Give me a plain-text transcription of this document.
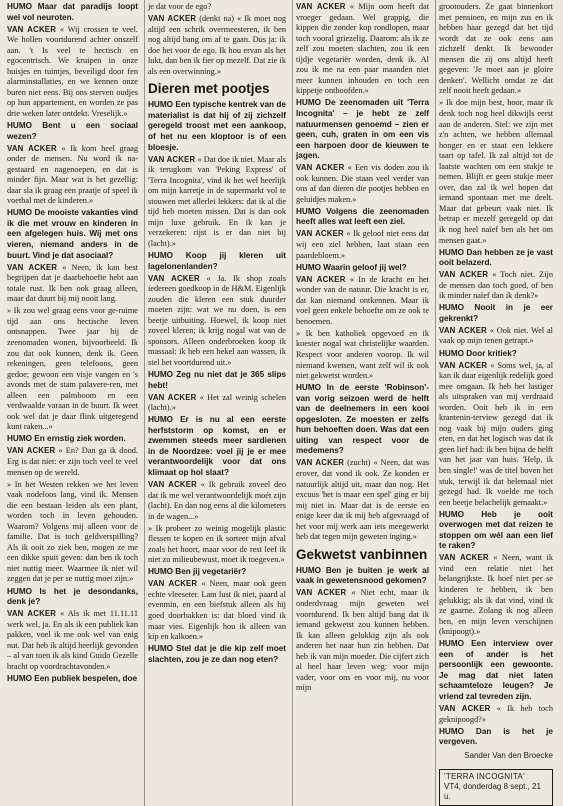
HUMO Maar dat paradijs loopt wel vol neuroten.

VAN ACKER « Wij crossen te veel. We hollen voortdurend achter onszelf aan. 't Is veel te hectisch en egocentrisch. We kruipen in onze huisjes en tuintjes, beveiligd door fen alarminstallaties, en we kennen onze buren niet eens. Bij ons sterven oudjes op hun appartement, en worden ze pas drie weken later ontdekt. Vreselijk.»

HUMO Bent u een sociaal wezen?

VAN ACKER « Ik kom heel graag onder de mensen. Nu word ik na-gestaard en nagenoepen, en dat is minder fijn. Maar wat is het gezellig: daar sla ik graag een praatje of speel ik voetbal met de kinderen.»

HUMO De mooiste vakanties vind ik die met vrouw en kinderen in een afgelegen huis. Wij met ons vieren, niemand anders in de buurt. Vind je dat asociaal?

VAN ACKER « Neen, ik kan best begrijpen dat je daarbehoefte hebt aan totale rust. Ik ben ook graag alleen, maar dat duurt bij mij nooit lang.

» Ik zou wel graag eens voor ge-ruime tijd aan ons hectische leven ontsnappen. Twee jaar bij de zeenomaden wonen, bijvoorbeeld. Ik zou dat ook kunnen, denk ik. Geen rekeningen, geen telefoons, geen gedoe; gewoon een visje vangen en 's avonds met de stam palavere-ren, met alleen een palmboom en een verdwaalde varaan in de buurt. Ik weet ook wel dat je daar flink uitgeregend kunt raken...»

HUMO En ernstig ziek worden.

VAN ACKER « En? Dan ga ik dood. Erg is dat niet: er zijn toch veel te veel mensen op de wereld.

» In het Westen rekken we het leven vaak nodeloos lang, vind ik. Mensen die een bestaan leiden als een plant, worden toch in leven gehouden. Waarom? Volgens mij alleen voor de familie. Dat is toch geldverspilling? Als ik ooit zo ziek ben, mogen ze me een dikke spuit geven: dan ben ik toch niet nuttig meer. Waarmee ik niet wil zeggen dat je per se nuttig moet zijn.»

HUMO Is het je desondanks, denk je?

VAN ACKER « Als ik met 11.11.11 werk wel, ja. En als ik een publiek kan pakken, voel ik me ook wel van enig nut. Dat heb ik altijd heerlijk gevonden – al van toen ik als kind Guido Gezelle bracht op voordrachtavonden.»

HUMO Een publiek bespelen, doe

je dat voor de ego?

VAN ACKER (denkt na) « Ik moet nog altijd een schrik overmeesteren, ik ben nog altijd bang om af te gaan. Dus ja: ik doe het voor de ego. Ik hou ervan als het lukt, dan ben ik fier op mezelf. Dat zie ik als een overwinning.»

Dieren met pootjes

HUMO Een typische kentrek van de materialist is dat hij of zij zichzelf geregeld troost met een aankoop, of het nu een kloptoor is of een bloesje.

VAN ACKER « Dat doe ik niet. Maar als ik terugkom van 'Peking Express' of 'Terra Incognita', vind ik het wel heerlijk om mijn karretje in de supermarkt vol te stouwen met allerlei lekkers: dat ik al die tijd heb moeten missen. Dat is dan ook mijn luxe gebruik. En ik kan je verzekeren: rijst is er dan niet bij (lacht).»

HUMO Koop jij kleren uit lagelonenlanden?

VAN ACKER « Ja. Ik shop zoals iedereen goedkoop in de H&M. Eigenlijk zouden die kleren een stuk duurder moeten zijn: wat we nu doen, is een beetje uitbuiting. Hoewel, ik koop niet zoveel kleren; ik krijg nogal wat van de sponsors. Alleen onderbroeken koop ik massaal: ik heb een hekel aan wassen, ik stel het voortdurend uit.»

HUMO Zeg nu niet dat je 365 slips hebt!

VAN ACKER « Het zal weinig schelen (lacht).»

HUMO Er is nu al een eerste herfststorm op komst, en er zwemmen steeds meer sardienen in de Noordzee: voel jij je er mee verantwoordelijk voor dat ons klimaat op hol slaat?

VAN ACKER « Ik gebruik zoveel deo dat ik me wel verantwoordelijk moét zijn (lacht). En dan nog eens al die kilometers in de wagen...»

» Ik probeer zo weinig mogelijk plastic flessen te kopen en ik sorteer mijn afval zoals het hoort, maar voor de rest leef ik niet zo milieubewust, moet ik toegeven.»

HUMO Ben jij vegetariër?

VAN ACKER « Neen, maar ook geen echte vleeseter. Lam lust ik niet, paard al evenmin, en een biefstuk alleen als hij goed doorbakken is: dat bloed vind ik maar vies. Eigenlijk hou ik alleen van kip en kalkoen.»

HUMO Stel dat je die kip zelf moet slachten, zou je ze dan nog eten?

VAN ACKER « Mijn oom heeft dat vroeger gedaan. Wel grappig, die kippen die zonder kop rondlopen, maar toch vooral griezelig. Daarom: als ik ze zelf zou moeten slachten, zou ik een tijdje vegetariër worden, denk ik. Al zou ik me na een paar maanden niet meer kunnen inhouden en toch een kippetje onthoofden.»

HUMO De zeenomaden uit 'Terra Incognita' – je hebt ze zelf natuurmensen genoemd – zien er geen, cuh, graten in om een vis een harpoen door de kieuwen te jagen.

VAN ACKER « Een vis doden zou ik ook kunnen. Die staan veel verder van ons af dan dieren die pootjes hebben en geluidjes maken.»

HUMO Volgens die zeenomaden heeft alles wat leeft een ziel.

VAN ACKER « Ik geloof niet eens dat wij een ziel hebben, laat staan een paardebloem.»

HUMO Waarin geloof jij wel?

VAN ACKER « In de kracht en het wonder van de natuur. Die kracht is er, dat kan niemand ontkennen. Maar ik voel geen enkele behoefte om ze ook te benoemen.

» Ik ben katholiek opgevoed en ik koester nogal wat christelijke waarden. Respect voor anderen voorop. Ik wil niemand kwetsen, want zelf wil ik ook niet gekwetst worden.»

HUMO In de eerste 'Robinson'-van vorig seizoen werd de helft van de deelnemers in een kooi opgesloten. Ze moesten er zelfs hun behoeften doen. Was dat een uiting van respect voor de medemens?

VAN ACKER (zucht) « Neen, dat was erover, dat vond ik ook. Ze konden er natuurlijk altijd uit, maar dan nog. Het excuus 'het is maar een spel' ging er bij mij niet in. Maar dat is de eerste en enige keer dat ik mij heb afgevraagd of het voor mij werk aan iets meegewerkt heb dat tegen mijn geweten inging.»

Gekwetst vanbinnen

HUMO Ben je buiten je werk al vaak in gewetensnood gekomen?

VAN ACKER « Niet echt, maar ik onderdvraag mijn geweten wel voortdurend. Ik ben altijd bang dat ik iemand gekwetst zou kunnen hebben. Ik kan alleen gelukkig zijn als ook anderen het naar hun zin hebben. Dat heb ik van mijn moeder. Die cijfert zich al heel haar leven weg: voor mijn vader, voor ons en voor mij, nu voor mijn

grootouders. Ze gaat binnenkort met pensioen, en mijn zus en ik hebben haar gezegd dat het tijd wordt dat ze ook eens aan zichzelf denkt. Ik bewonder mensen die zij ons altijd heeft gegeven: 'Je moet aan je gloire denken'. Wellicht omdat ze dat zelf nooit heeft gedaan.»

» Ik doe mijn best, hoor, maar ik denk toch nog heel dikwijls eerst aan de anderen. Stel: we zijn met z'n achten, we hebben allemaal honger en er staat een lekkere taart op tafel. Ik zal altijd tot de laatste wachten om een stukje te nemen. Blijft er geen stukje meer over, dan zal ik wel hopen dat iemand spontaan met me deelt. Maar dat gebeurt vaak niet. Ik betrap er mezelf geregeld op dat ik nog heel naïef ben als het om mensen gaat.»

HUMO Dan hebben ze je vast ooit belazerd.

VAN ACKER « Toch niet. Zijn de mensen dan toch goed, of ben ik minder naïef dan ik denk?»

HUMO Nooit in je eer gekrenkt?

VAN ACKER « Ook niet. Wel al vaak op mijn tenen getrapt.»

HUMO Door kritiek?

VAN ACKER « Soms wel, ja, al kan ik daar eigenlijk redelijk goed mee omgaan. Ik heb het lastiger als uitspraken van mij verdraaid worden. Ooit heb ik in een krantenin-terview gezegd dat ik nog vaak bij mijn ouders ging eten, en dat het logisch was dat ik geen lief had: ik ben bijna de helft van het jaar van huis. 'Help, ik ben single!' was de titel boven het stuk, terwijl ik dat helemaal niet gezegd had. Ik voelde me toch een beetje belachelijk gemaakt.»

HUMO Heb je ooit overwogen met dat reizen te stoppen om wél aan een lief te raken?

VAN ACKER « Neen, want ik vind een relatie niet het belangrijkste. Ik hoef niet per se kinderen te hebben, ik ben gelukkig; als ik dat vind, vind ik ze gaarne. Zolang ik nog alleen ben, en mijn leven verschijnen (knipoogt).»

HUMO Een interview over een of ander is het persoonlijk een gewoonte. Je mag dat niet laten schaamteloze leugen? Je vriend zal tevreden zijn.

VAN ACKER « Ik heb toch geknipoogd?»

HUMO Dan is het je vergeven.

Sander Van den Broecke

'TERRA INCOGNITA'
VT4, donderdag 8 sept., 21 u.
